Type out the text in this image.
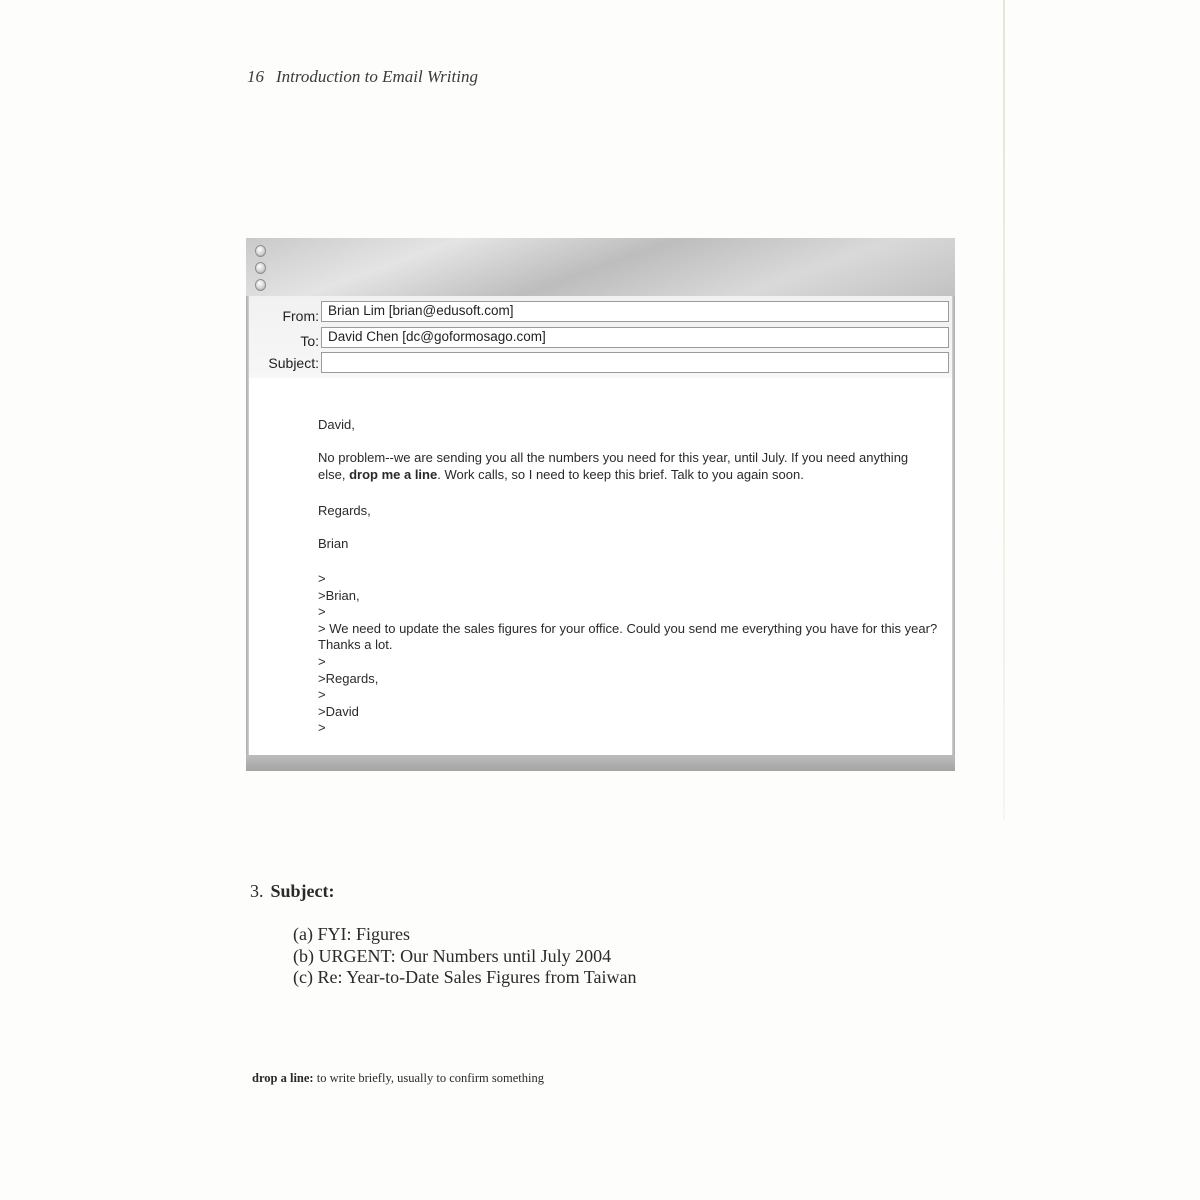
16 Introduction to Email Writing
From: Brian Lim [brian@edusoft.com]
To: David Chen [dc@goformosago.com]
Subject:

David,

No problem--we are sending you all the numbers you need for this year, until July. If you need anything else, drop me a line. Work calls, so I need to keep this brief. Talk to you again soon.

Regards,

Brian

>
>Brian,
>
> We need to update the sales figures for your office. Could you send me everything you have for this year? Thanks a lot.
>
>Regards,
>
>David
>
3. Subject:
(a) FYI: Figures
(b) URGENT: Our Numbers until July 2004
(c) Re: Year-to-Date Sales Figures from Taiwan
drop a line: to write briefly, usually to confirm something
